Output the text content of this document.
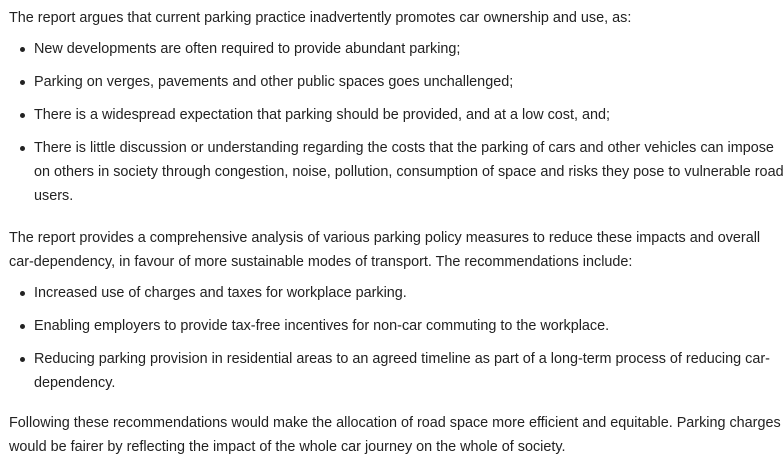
The report argues that current parking practice inadvertently promotes car ownership and use, as:

New developments are often required to provide abundant parking;
Parking on verges, pavements and other public spaces goes unchallenged;
There is a widespread expectation that parking should be provided, and at a low cost, and;
There is little discussion or understanding regarding the costs that the parking of cars and other vehicles can impose on others in society through congestion, noise, pollution, consumption of space and risks they pose to vulnerable road users.

The report provides a comprehensive analysis of various parking policy measures to reduce these impacts and overall car-dependency, in favour of more sustainable modes of transport. The recommendations include:

Increased use of charges and taxes for workplace parking.
Enabling employers to provide tax-free incentives for non-car commuting to the workplace.
Reducing parking provision in residential areas to an agreed timeline as part of a long-term process of reducing car-dependency.

Following these recommendations would make the allocation of road space more efficient and equitable. Parking charges would be fairer by reflecting the impact of the whole car journey on the whole of society.
